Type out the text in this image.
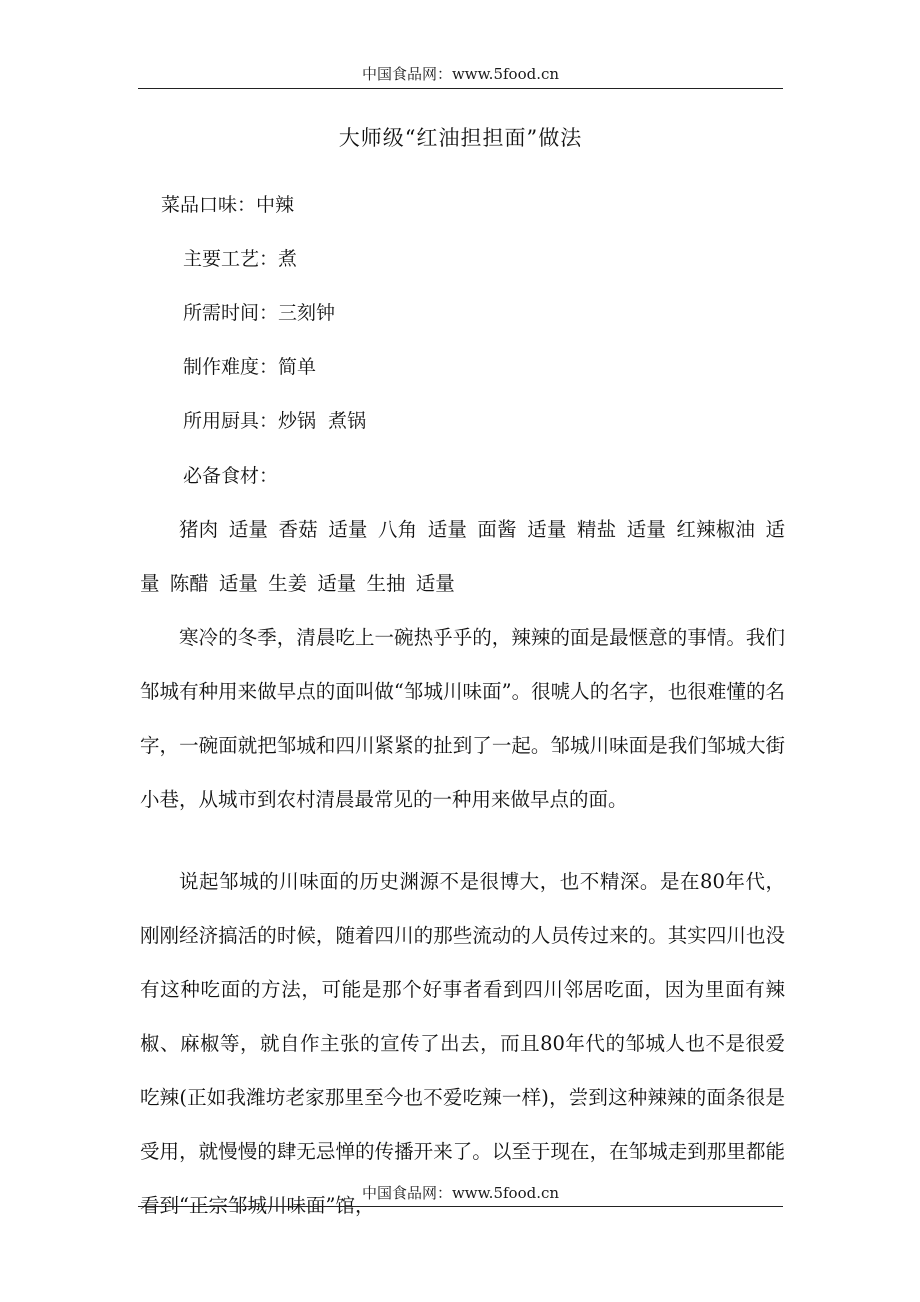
中国食品网：www.5food.cn
大师级“红油担担面”做法
菜品口味：中辣
主要工艺：煮
所需时间：三刻钟
制作难度：简单
所用厨具：炒锅  煮锅
必备食材：

猪肉 适量 香菇 适量 八角 适量 面酱 适量 精盐 适量 红辣椒油 适量 陈醋 适量 生姜 适量 生抽 适量

寒冷的冬季，清晨吃上一碗热乎乎的，辣辣的面是最惬意的事情。我们邹城有种用来做早点的面叫做“邹城川味面”。很唬人的名字，也很难懂的名字，一碗面就把邹城和四川紧紧的扯到了一起。邹城川味面是我们邹城大街小巷，从城市到农村清晨最常见的一种用来做早点的面。

说起邹城的川味面的历史渊源不是很博大，也不精深。是在80年代，刚刚经济搞活的时候，随着四川的那些流动的人员传过来的。其实四川也没有这种吃面的方法，可能是那个好事者看到四川邻居吃面，因为里面有辣椒、麻椒等，就自作主张的宣传了出去，而且80年代的邹城人也不是很爱吃辣(正如我潍坊老家那里至今也不爱吃辣一样)，尝到这种辣辣的面条很是受用，就慢慢的肆无忌惮的传播开来了。以至于现在，在邹城走到那里都能看到“正宗邹城川味面”馆，

中国食品网：www.5food.cn
